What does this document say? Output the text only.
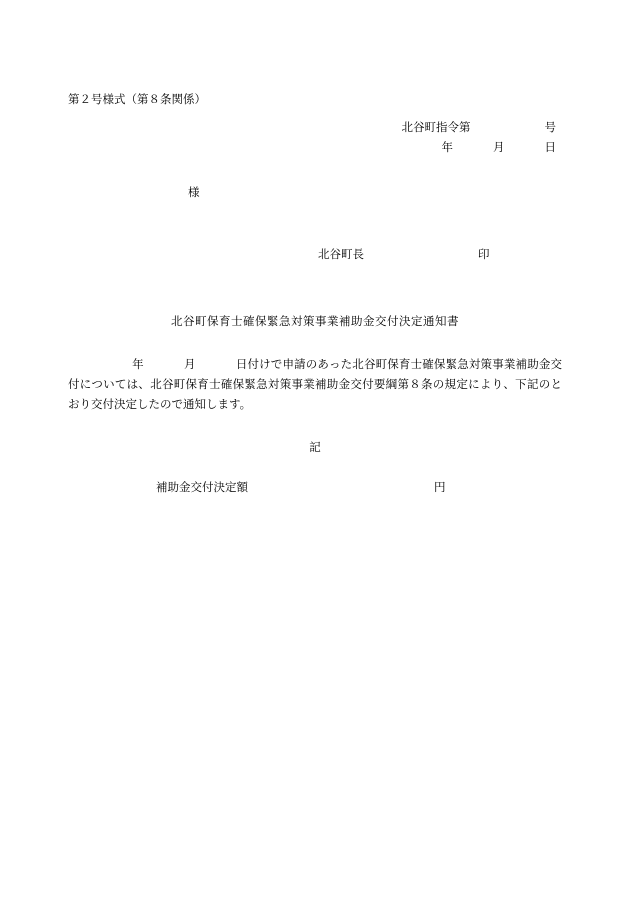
第２号様式（第８条関係）
北谷町指令第	号
年	月	日
様
北谷町長	印
北谷町保育士確保緊急対策事業補助金交付決定通知書
年	月	日付けで申請のあった北谷町保育士確保緊急対策事業補助金交付については、北谷町保育士確保緊急対策事業補助金交付要綱第８条の規定により、下記のとおり交付決定したので通知します。
記
補助金交付決定額	円
